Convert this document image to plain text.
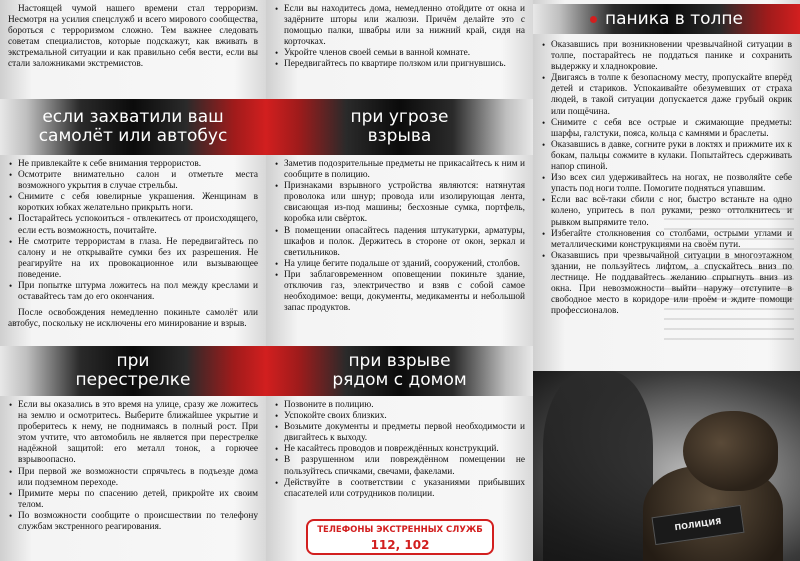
Настоящей чумой нашего времени стал терроризм. Несмотря на усилия спецслужб и всего мирового сообщества, бороться с терроризмом сложно. Тем важнее следовать советам специалистов, которые подскажут, как вживать в экстремальной ситуации и как правильно себя вести, если вы стали заложниками экстремистов.

если захватили ваш
самолёт или автобус
• Не привлекайте к себе внимания террористов.
• Осмотрите внимательно салон и отметьте места возможного укрытия в случае стрельбы.
• Снимите с себя ювелирные украшения. Женщинам в коротких юбках желательно прикрыть ноги.
• Постарайтесь успокоиться - отвлекитесь от происходящего, если есть возможность, почитайте.
• Не смотрите террористам в глаза. Не передвигайтесь по салону и не открывайте сумки без их разрешения. Не реагируйте на их провокационное или вызывающее поведение.
• При попытке штурма ложитесь на пол между креслами и оставайтесь там до его окончания.

После освобождения немедленно покиньте самолёт или автобус, поскольку не исключены его минирование и взрыв.

при
перестрелке
• Если вы оказались в это время на улице, сразу же ложитесь на землю и осмотритесь. Выберите ближайшее укрытие и проберитесь к нему, не поднимаясь в полный рост. При этом учтите, что автомобиль не является при перестрелке надёжной защитой: его металл тонок, а горючее взрывоопасно.
• При первой же возможности спрячьтесь в подъезде дома или подземном переходе.
• Примите меры по спасению детей, прикройте их своим телом.
• По возможности сообщите о происшествии по телефону службам экстренного реагирования.
• Если вы находитесь дома, немедленно отойдите от окна и задёрните шторы или жалюзи. Причём делайте это с помощью палки, швабры или за нижний край, сидя на корточках.
• Укройте членов своей семьи в ванной комнате.
• Передвигайтесь по квартире ползком или пригнувшись.
при угрозе
взрыва
• Заметив подозрительные предметы не прикасайтесь к ним и сообщите в полицию.
• Признаками взрывного устройства являются: натянутая проволока или шнур; провода или изолирующая лента, свисающая из-под машины; бесхозные сумка, портфель, коробка или свёрток.
• В помещении опасайтесь падения штукатурки, арматуры, шкафов и полок. Держитесь в стороне от окон, зеркал и светильников.
• На улице бегите подальше от зданий, сооружений, столбов.
• При заблаговременном оповещении покиньте здание, отключив газ, электричество и взяв с собой самое необходимое: вещи, документы, медикаменты и небольшой запас продуктов.
при взрыве
рядом с домом
• Позвоните в полицию.
• Успокойте своих близких.
• Возьмите документы и предметы первой необходимости и двигайтесь к выходу.
• Не касайтесь проводов и повреждённых конструкций.
• В разрушенном или повреждённом помещении не пользуйтесь спичками, свечами, факелами.
• Действуйте в соответствии с указаниями прибывших спасателей или сотрудников полиции.
ТЕЛЕФОНЫ ЭКСТРЕННЫХ СЛУЖБ
112, 102
паника в толпе
• Оказавшись при возникновении чрезвычайной ситуации в толпе, постарайтесь не поддаться панике и сохранить выдержку и хладнокровие.
• Двигаясь в толпе к безопасному месту, пропускайте вперёд детей и стариков. Успокаивайте обезумевших от страха людей, в такой ситуации допускается даже грубый окрик или пощёчина.
• Снимите с себя все острые и сжимающие предметы: шарфы, галстуки, пояса, кольца с камнями и браслеты.
• Оказавшись в давке, согните руки в локтях и прижмите их к бокам, пальцы сожмите в кулаки. Попытайтесь сдерживать напор спиной.
• Изо всех сил удерживайтесь на ногах, не позволяйте себе упасть под ноги толпе. Помогите подняться упавшим.
• Если вас всё-таки сбили с ног, быстро встаньте на одно колено, упритесь в пол руками, резко оттолкнитесь и рывком выпрямите тело.
• Избегайте столкновения со столбами, острыми углами и металлическими конструкциями на своём пути.
• Оказавшись при чрезвычайной ситуации в многоэтажном здании, не пользуйтесь лифтом, а спускайтесь вниз по лестнице. Не поддавайтесь желанию спрыгнуть вниз из окна. При невозможности выйти наружу отступите в свободное место в коридоре или проём и ждите помощи профессионалов.
ПОЛИЦИЯ
